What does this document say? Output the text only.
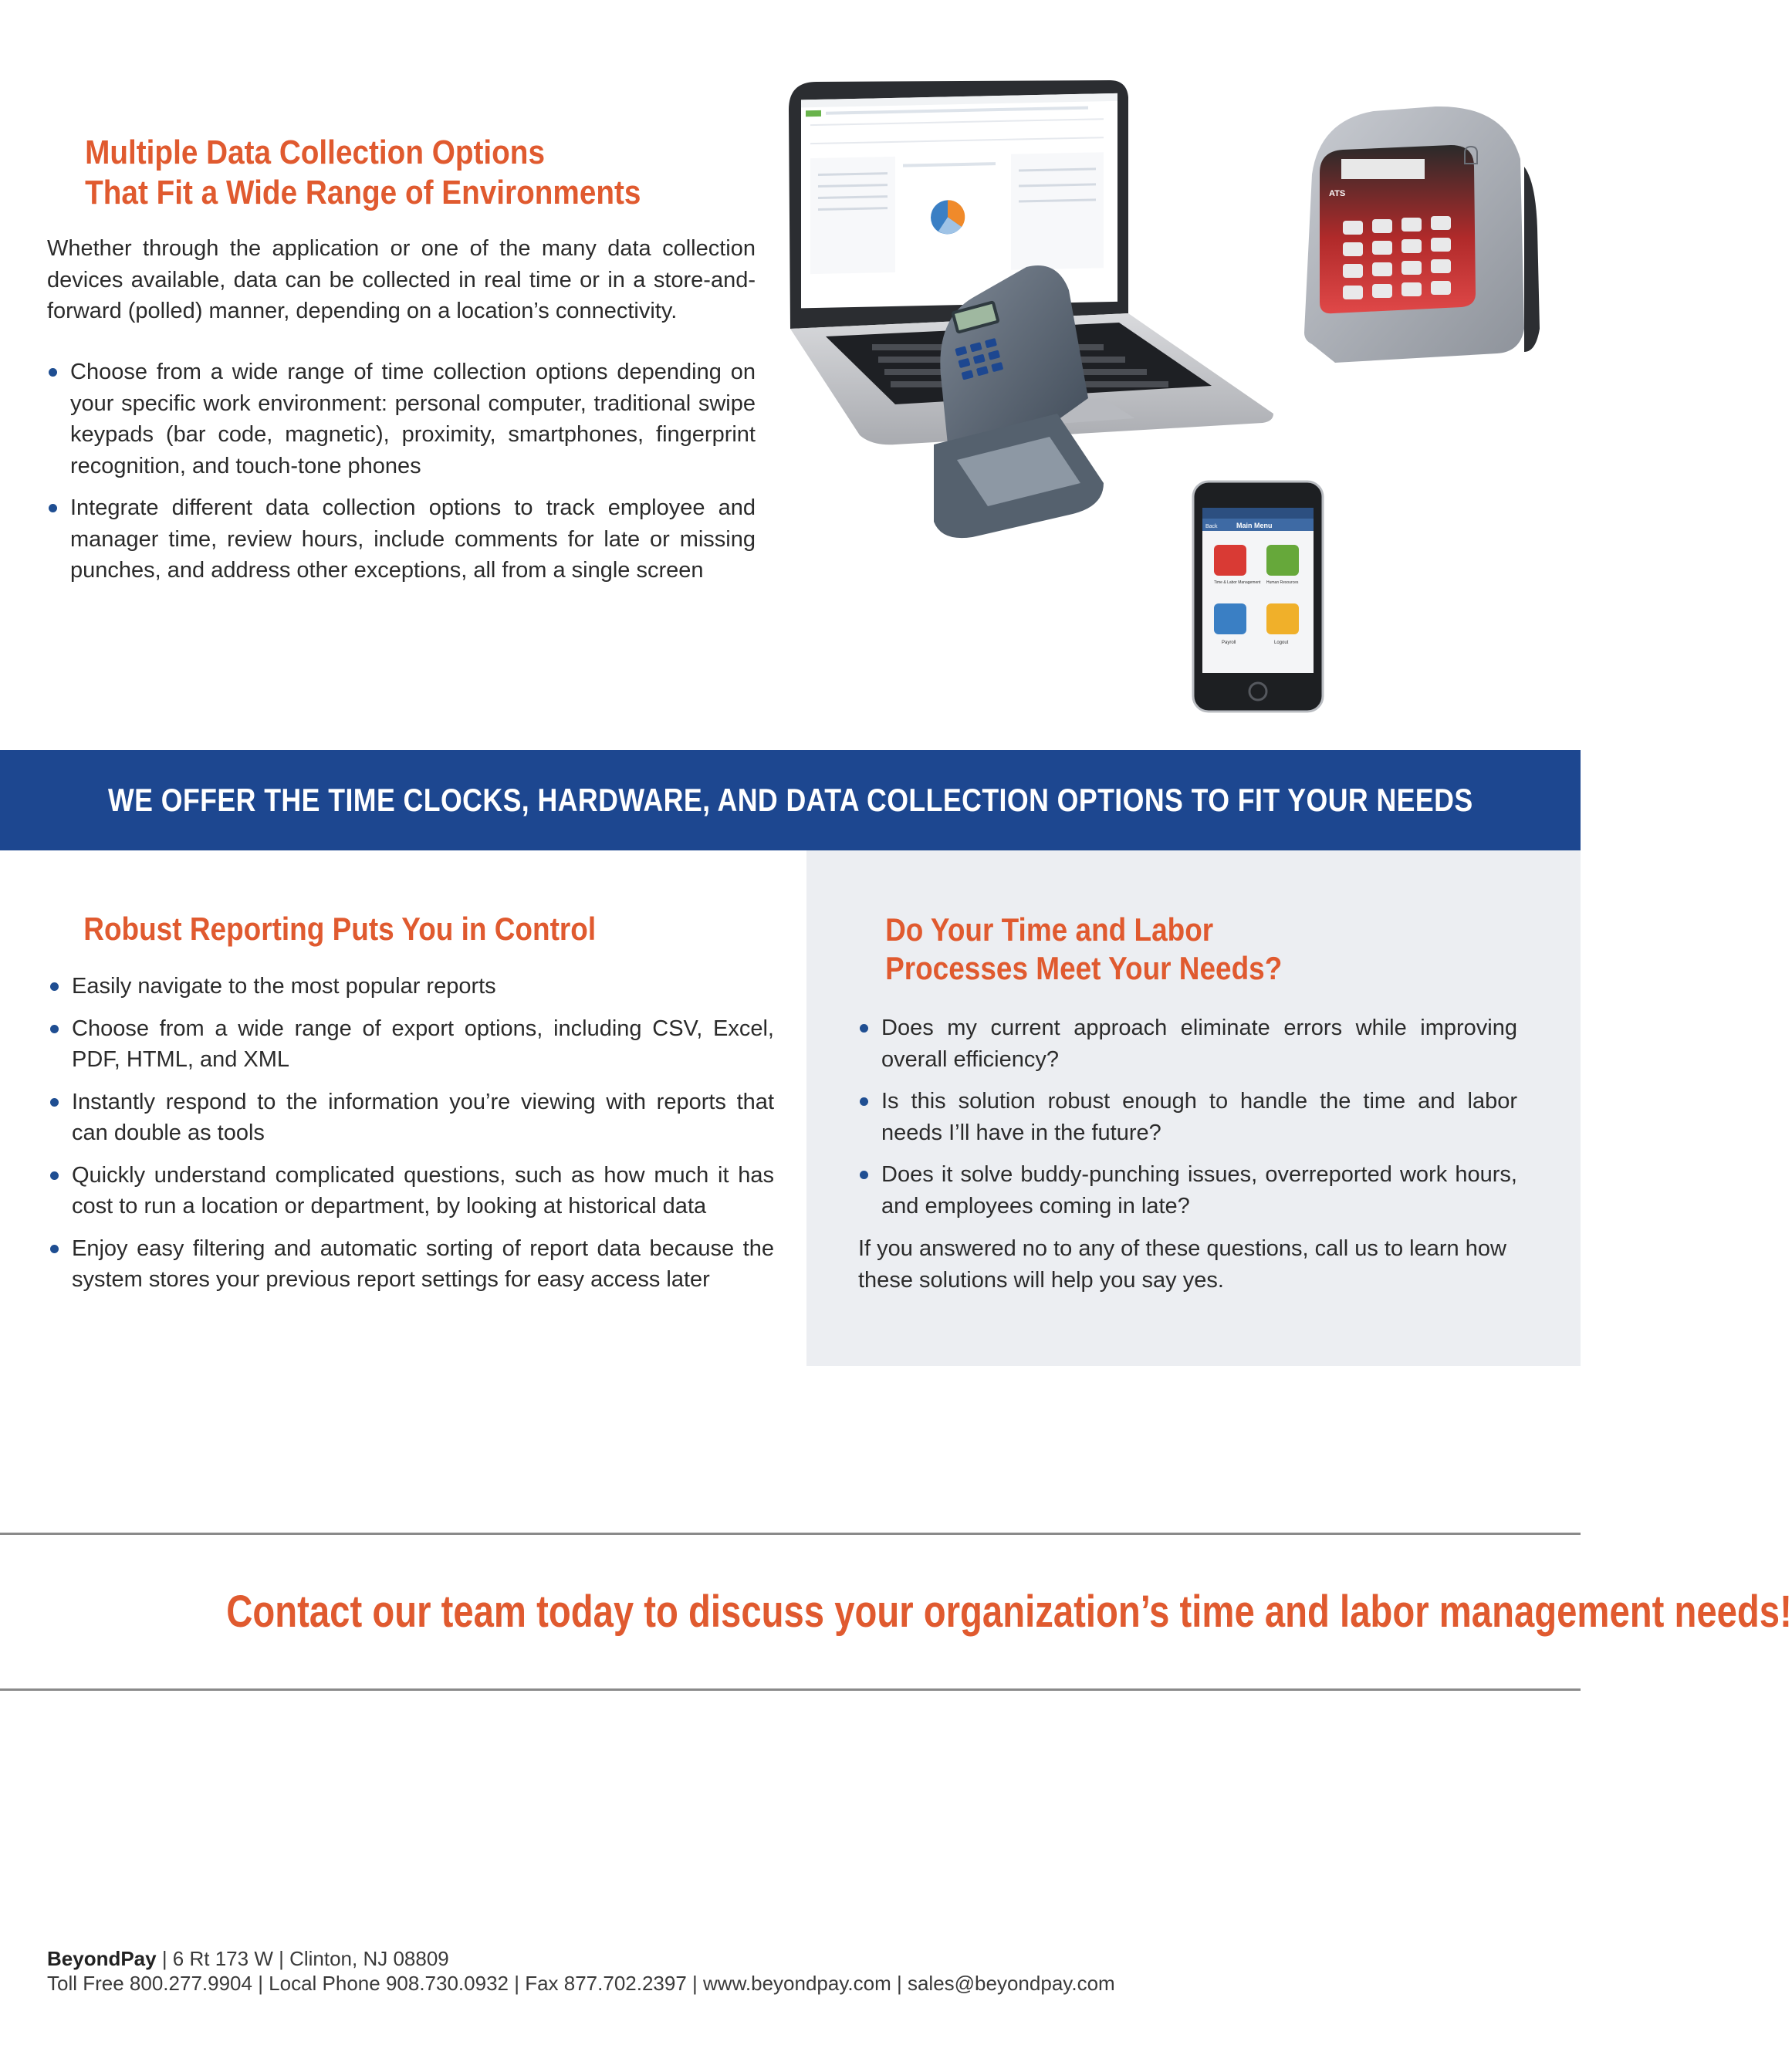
Multiple Data Collection Options
That Fit a Wide Range of Environments

Whether through the application or one of the many data collection devices available, data can be collected in real time or in a store-and-forward (polled) manner, depending on a location’s connectivity.

Choose from a wide range of time collection options depending on your specific work environment: personal computer, traditional swipe keypads (bar code, magnetic), proximity, smartphones, fingerprint recognition, and touch-tone phones
Integrate different data collection options to track employee and manager time, review hours, include comments for late or missing punches, and address other exceptions, all from a single screen
Main Menu
Back
Time & Labor Management Human Resources
Payroll	Logout
ATS
WE OFFER THE TIME CLOCKS, HARDWARE, AND DATA COLLECTION OPTIONS TO FIT YOUR NEEDS
Robust Reporting Puts You in Control
Easily navigate to the most popular reports
Choose from a wide range of export options, including CSV, Excel, PDF, HTML, and XML
Instantly respond to the information you’re viewing with reports that can double as tools
Quickly understand complicated questions, such as how much it has cost to run a location or department, by looking at historical data
Enjoy easy filtering and automatic sorting of report data because the system stores your previous report settings for easy access later
Do Your Time and Labor
Processes Meet Your Needs?
Does my current approach eliminate errors while improving overall efficiency?
Is this solution robust enough to handle the time and labor needs I’ll have in the future?
Does it solve buddy-punching issues, overreported work hours, and employees coming in late?

If you answered no to any of these questions, call us to learn how these solutions will help you say yes.

Contact our team today to discuss your organization’s time and labor management needs!
BeyondPay | 6 Rt 173 W | Clinton, NJ 08809
Toll Free 800.277.9904 | Local Phone 908.730.0932 | Fax 877.702.2397 | www.beyondpay.com | sales@beyondpay.com
